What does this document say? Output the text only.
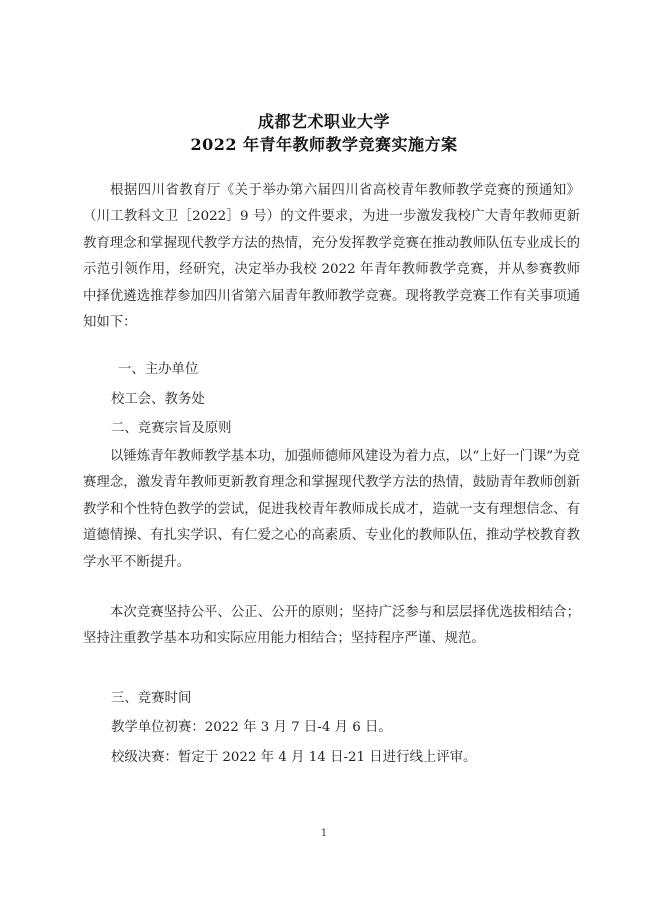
成都艺术职业大学
2022 年青年教师教学竞赛实施方案

根据四川省教育厅《关于举办第六届四川省高校青年教师教学竞赛的预通知》（川工教科文卫［2022］9 号）的文件要求，为进一步激发我校广大青年教师更新教育理念和掌握现代教学方法的热情，充分发挥教学竞赛在推动教师队伍专业成长的示范引领作用，经研究，决定举办我校 2022 年青年教师教学竞赛，并从参赛教师中择优遴选推荐参加四川省第六届青年教师教学竞赛。现将教学竞赛工作有关事项通知如下：

一、主办单位
校工会、教务处
二、竞赛宗旨及原则

以锤炼青年教师教学基本功，加强师德师风建设为着力点，以“上好一门课”为竞赛理念，激发青年教师更新教育理念和掌握现代教学方法的热情，鼓励青年教师创新教学和个性特色教学的尝试，促进我校青年教师成长成才，造就一支有理想信念、有道德情操、有扎实学识、有仁爱之心的高素质、专业化的教师队伍，推动学校教育教学水平不断提升。

本次竞赛坚持公平、公正、公开的原则；坚持广泛参与和层层择优选拔相结合；坚持注重教学基本功和实际应用能力相结合；坚持程序严谨、规范。

三、竞赛时间
教学单位初赛：2022 年 3 月 7 日-4 月 6 日。
校级决赛：暂定于 2022 年 4 月 14 日-21 日进行线上评审。
1
